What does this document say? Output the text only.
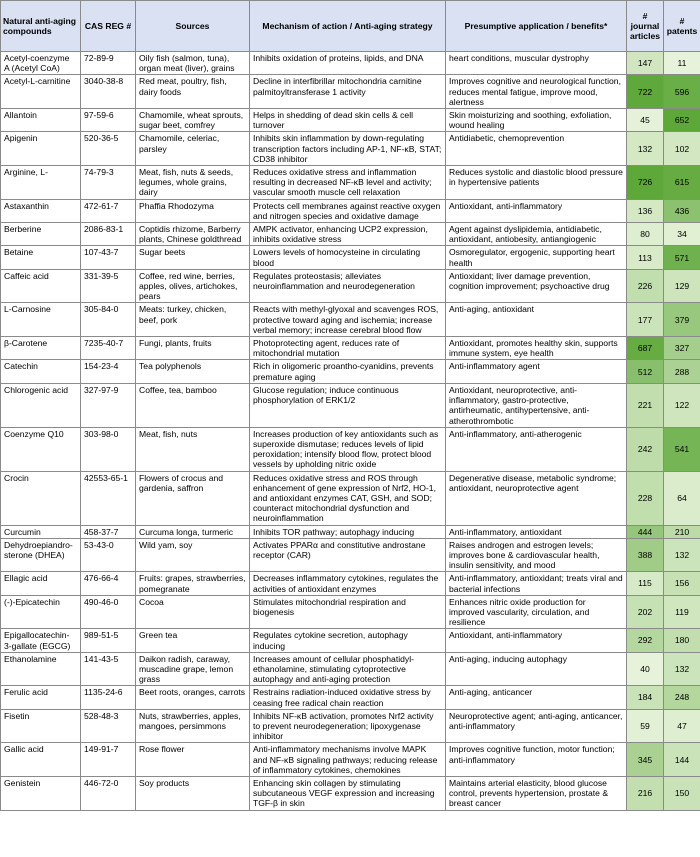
Natural anti-aging compounds	CAS REG #	Sources	Mechanism of action / Anti-aging strategy	Presumptive application / benefits*	# journal articles	# patents
Acetyl-coenzyme A (Acetyl CoA)	72-89-9	Oily fish (salmon, tuna), organ meat (liver), grains	Inhibits oxidation of proteins, lipids, and DNA	heart conditions, muscular dystrophy	147	11
Acetyl-L-carnitine	3040-38-8	Red meat, poultry, fish, dairy foods	Decline in interfibrillar mitochondria carnitine palmitoyltransferase 1 activity	Improves cognitive and neurological function, reduces mental fatigue, improve mood, alertness	722	596
Allantoin	97-59-6	Chamomile, wheat sprouts, sugar beet, comfrey	Helps in shedding of dead skin cells & cell turnover	Skin moisturizing and soothing, exfoliation, wound healing	45	652
Apigenin	520-36-5	Chamomile, celeriac, parsley	Inhibits skin inflammation by down-regulating transcription factors including AP-1, NF-κB, STAT; CD38 inhibitor	Antidiabetic, chemoprevention	132	102
Arginine, L-	74-79-3	Meat, fish, nuts & seeds, legumes, whole grains, dairy	Reduces oxidative stress and inflammation resulting in decreased NF-κB level and activity; vascular smooth muscle cell relaxation	Reduces systolic and diastolic blood pressure in hypertensive patients	726	615
Astaxanthin	472-61-7	Phaffia Rhodozyma	Protects cell membranes against reactive oxygen and nitrogen species and oxidative damage	Antioxidant, anti-inflammatory	136	436
Berberine	2086-83-1	Coptidis rhizome, Barberry plants, Chinese goldthread	AMPK activator, enhancing UCP2 expression, inhibits oxidative stress	Agent against dyslipidemia, antidiabetic, antioxidant, antiobesity, antiangiogenic	80	34
Betaine	107-43-7	Sugar beets	Lowers levels of homocysteine in circulating blood	Osmoregulator, ergogenic, supporting heart health	113	571
Caffeic acid	331-39-5	Coffee, red wine, berries, apples, olives, artichokes, pears	Regulates proteostasis; alleviates neuroinflammation and neurodegeneration	Antioxidant; liver damage prevention, cognition improvement; psychoactive drug	226	129
L-Carnosine	305-84-0	Meats: turkey, chicken, beef, pork	Reacts with methyl-glyoxal and scavenges ROS, protective toward aging and ischemia; increase verbal memory; increase cerebral blood flow	Anti-aging, antioxidant	177	379
β-Carotene	7235-40-7	Fungi, plants, fruits	Photoprotecting agent, reduces rate of mitochondrial mutation	Antioxidant, promotes healthy skin, supports immune system, eye health	687	327
Catechin	154-23-4	Tea polyphenols	Rich in oligomeric proantho-cyanidins, prevents premature aging	Anti-inflammatory agent	512	288
Chlorogenic acid	327-97-9	Coffee, tea, bamboo	Glucose regulation; induce continuous phosphorylation of ERK1/2	Antioxidant, neuroprotective, anti-inflammatory, gastro-protective, antirheumatic, antihypertensive, anti-atherothrombotic	221	122
Coenzyme Q10	303-98-0	Meat, fish, nuts	Increases production of key antioxidants such as superoxide dismutase; reduces levels of lipid peroxidation; intensify blood flow, protect blood vessels by upholding nitric oxide	Anti-inflammatory, anti-atherogenic	242	541
Crocin	42553-65-1	Flowers of crocus and gardenia, saffron	Reduces oxidative stress and ROS through enhancement of gene expression of Nrf2, HO-1, and antioxidant enzymes CAT, GSH, and SOD; counteract mitochondrial dysfunction and neuroinflammation	Degenerative disease, metabolic syndrome; antioxidant, neuroprotective agent	228	64
Curcumin	458-37-7	Curcuma longa, turmeric	Inhibits TOR pathway; autophagy inducing	Anti-inflammatory, antioxidant	444	210
Dehydroepiandro-sterone (DHEA)	53-43-0	Wild yam, soy	Activates PPARα and constitutive androstane receptor (CAR)	Raises androgen and estrogen levels; improves bone & cardiovascular health, insulin sensitivity, and mood	388	132
Ellagic acid	476-66-4	Fruits: grapes, strawberries, pomegranate	Decreases inflammatory cytokines, regulates the activities of antioxidant enzymes	Anti-inflammatory, antioxidant; treats viral and bacterial infections	115	156
(-)-Epicatechin	490-46-0	Cocoa	Stimulates mitochondrial respiration and biogenesis	Enhances nitric oxide production for improved vascularity, circulation, and resilience	202	119
Epigallocatechin-3-gallate (EGCG)	989-51-5	Green tea	Regulates cytokine secretion, autophagy inducing	Antioxidant, anti-inflammatory	292	180
Ethanolamine	141-43-5	Daikon radish, caraway, muscadine grape, lemon grass	Increases amount of cellular phosphatidyl-ethanolamine, stimulating cytoprotective autophagy and anti-aging protection	Anti-aging, inducing autophagy	40	132
Ferulic acid	1135-24-6	Beet roots, oranges, carrots	Restrains radiation-induced oxidative stress by ceasing free radical chain reaction	Anti-aging, anticancer	184	248
Fisetin	528-48-3	Nuts, strawberries, apples, mangoes, persimmons	Inhibits NF-κB activation, promotes Nrf2 activity to prevent neurodegeneration; lipoxygenase inhibitor	Neuroprotective agent; anti-aging, anticancer, anti-inflammatory	59	47
Gallic acid	149-91-7	Rose flower	Anti-inflammatory mechanisms involve MAPK and NF-κB signaling pathways; reducing release of inflammatory cytokines, chemokines	Improves cognitive function, motor function; anti-inflammatory	345	144
Genistein	446-72-0	Soy products	Enhancing skin collagen by stimulating subcutaneous VEGF expression and increasing TGF-β in skin	Maintains arterial elasticity, blood glucose control, prevents hypertension, prostate & breast cancer	216	150
